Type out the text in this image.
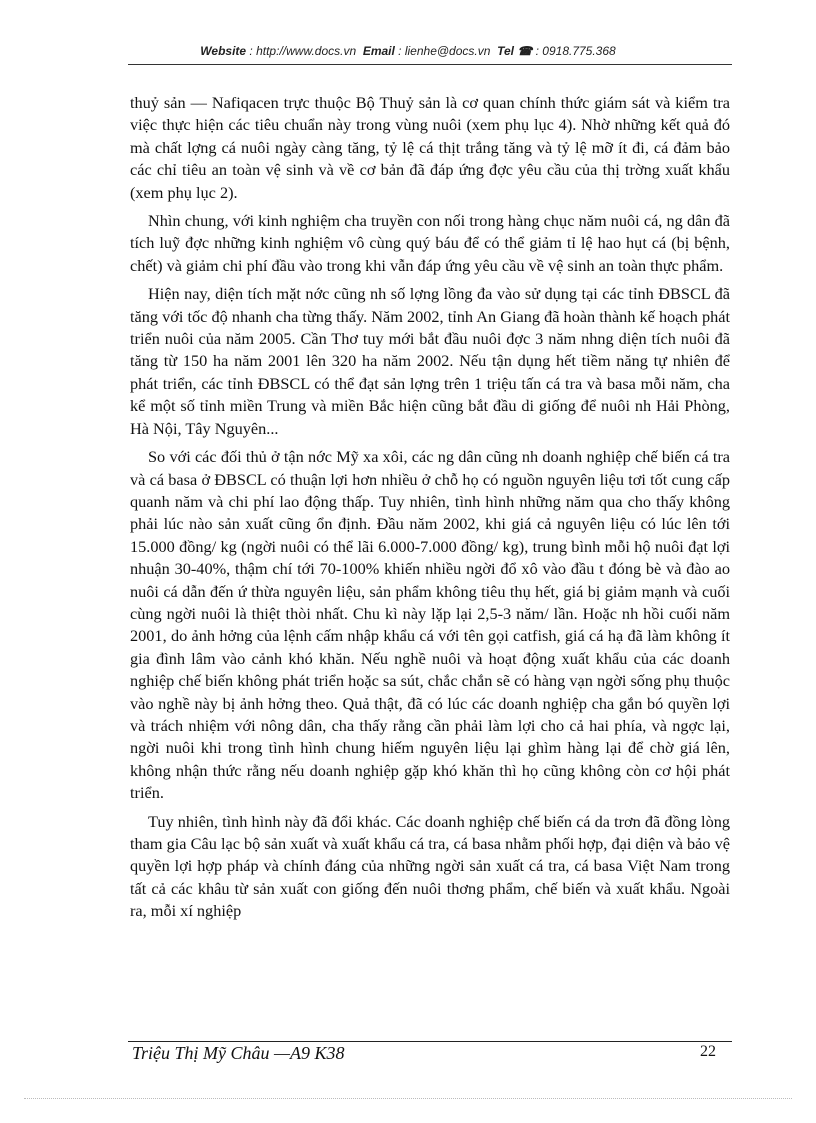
Website : http://www.docs.vn Email : lienhe@docs.vn Tel ☎ : 0918.775.368

thuỷ sản — Nafiqacen trực thuộc Bộ Thuỷ sản là cơ quan chính thức giám sát và kiểm tra việc thực hiện các tiêu chuẩn này trong vùng nuôi (xem phụ lục 4). Nhờ những kết quả đó mà chất lợng cá nuôi ngày càng tăng, tỷ lệ cá thịt trắng tăng và tỷ lệ mỡ ít đi, cá đảm bảo các chỉ tiêu an toàn vệ sinh và về cơ bản đã đáp ứng đợc yêu cầu của thị trờng xuất khẩu (xem phụ lục 2).

Nhìn chung, với kinh nghiệm cha truyền con nối trong hàng chục năm nuôi cá, ng dân đã tích luỹ đợc những kinh nghiệm vô cùng quý báu để có thể giảm tỉ lệ hao hụt cá (bị bệnh, chết) và giảm chi phí đầu vào trong khi vẫn đáp ứng yêu cầu về vệ sinh an toàn thực phẩm.

Hiện nay, diện tích mặt nớc cũng nh số lợng lồng đa vào sử dụng tại các tỉnh ĐBSCL đã tăng với tốc độ nhanh cha từng thấy. Năm 2002, tỉnh An Giang đã hoàn thành kế hoạch phát triển nuôi của năm 2005. Cần Thơ tuy mới bắt đầu nuôi đợc 3 năm nhng diện tích nuôi đã tăng từ 150 ha năm 2001 lên 320 ha năm 2002. Nếu tận dụng hết tiềm năng tự nhiên để phát triển, các tỉnh ĐBSCL có thể đạt sản lợng trên 1 triệu tấn cá tra và basa mỗi năm, cha kể một số tỉnh miền Trung và miền Bắc hiện cũng bắt đầu di giống để nuôi nh Hải Phòng, Hà Nội, Tây Nguyên...

So với các đối thủ ở tận nớc Mỹ xa xôi, các ng dân cũng nh doanh nghiệp chế biến cá tra và cá basa ở ĐBSCL có thuận lợi hơn nhiều ở chỗ họ có nguồn nguyên liệu tơi tốt cung cấp quanh năm và chi phí lao động thấp. Tuy nhiên, tình hình những năm qua cho thấy không phải lúc nào sản xuất cũng ổn định. Đầu năm 2002, khi giá cả nguyên liệu có lúc lên tới 15.000 đồng/ kg (ngời nuôi có thể lãi 6.000-7.000 đồng/ kg), trung bình mỗi hộ nuôi đạt lợi nhuận 30-40%, thậm chí tới 70-100% khiến nhiều ngời đổ xô vào đầu t đóng bè và đào ao nuôi cá dẫn đến ứ thừa nguyên liệu, sản phẩm không tiêu thụ hết, giá bị giảm mạnh và cuối cùng ngời nuôi là thiệt thòi nhất. Chu kì này lặp lại 2,5-3 năm/ lần. Hoặc nh hồi cuối năm 2001, do ảnh hởng của lệnh cấm nhập khẩu cá với tên gọi catfish, giá cá hạ đã làm không ít gia đình lâm vào cảnh khó khăn. Nếu nghề nuôi và hoạt động xuất khẩu của các doanh nghiệp chế biến không phát triển hoặc sa sút, chắc chắn sẽ có hàng vạn ngời sống phụ thuộc vào nghề này bị ảnh hởng theo. Quả thật, đã có lúc các doanh nghiệp cha gắn bó quyền lợi và trách nhiệm với nông dân, cha thấy rằng cần phải làm lợi cho cả hai phía, và ngợc lại, ngời nuôi khi trong tình hình chung hiếm nguyên liệu lại ghìm hàng lại để chờ giá lên, không nhận thức rằng nếu doanh nghiệp gặp khó khăn thì họ cũng không còn cơ hội phát triển.

Tuy nhiên, tình hình này đã đổi khác. Các doanh nghiệp chế biến cá da trơn đã đồng lòng tham gia Câu lạc bộ sản xuất và xuất khẩu cá tra, cá basa nhằm phối hợp, đại diện và bảo vệ quyền lợi hợp pháp và chính đáng của những ngời sản xuất cá tra, cá basa Việt Nam trong tất cả các khâu từ sản xuất con giống đến nuôi thơng phẩm, chế biến và xuất khẩu. Ngoài ra, mỗi xí nghiệp

Triệu Thị Mỹ Châu —A9 K38	22
